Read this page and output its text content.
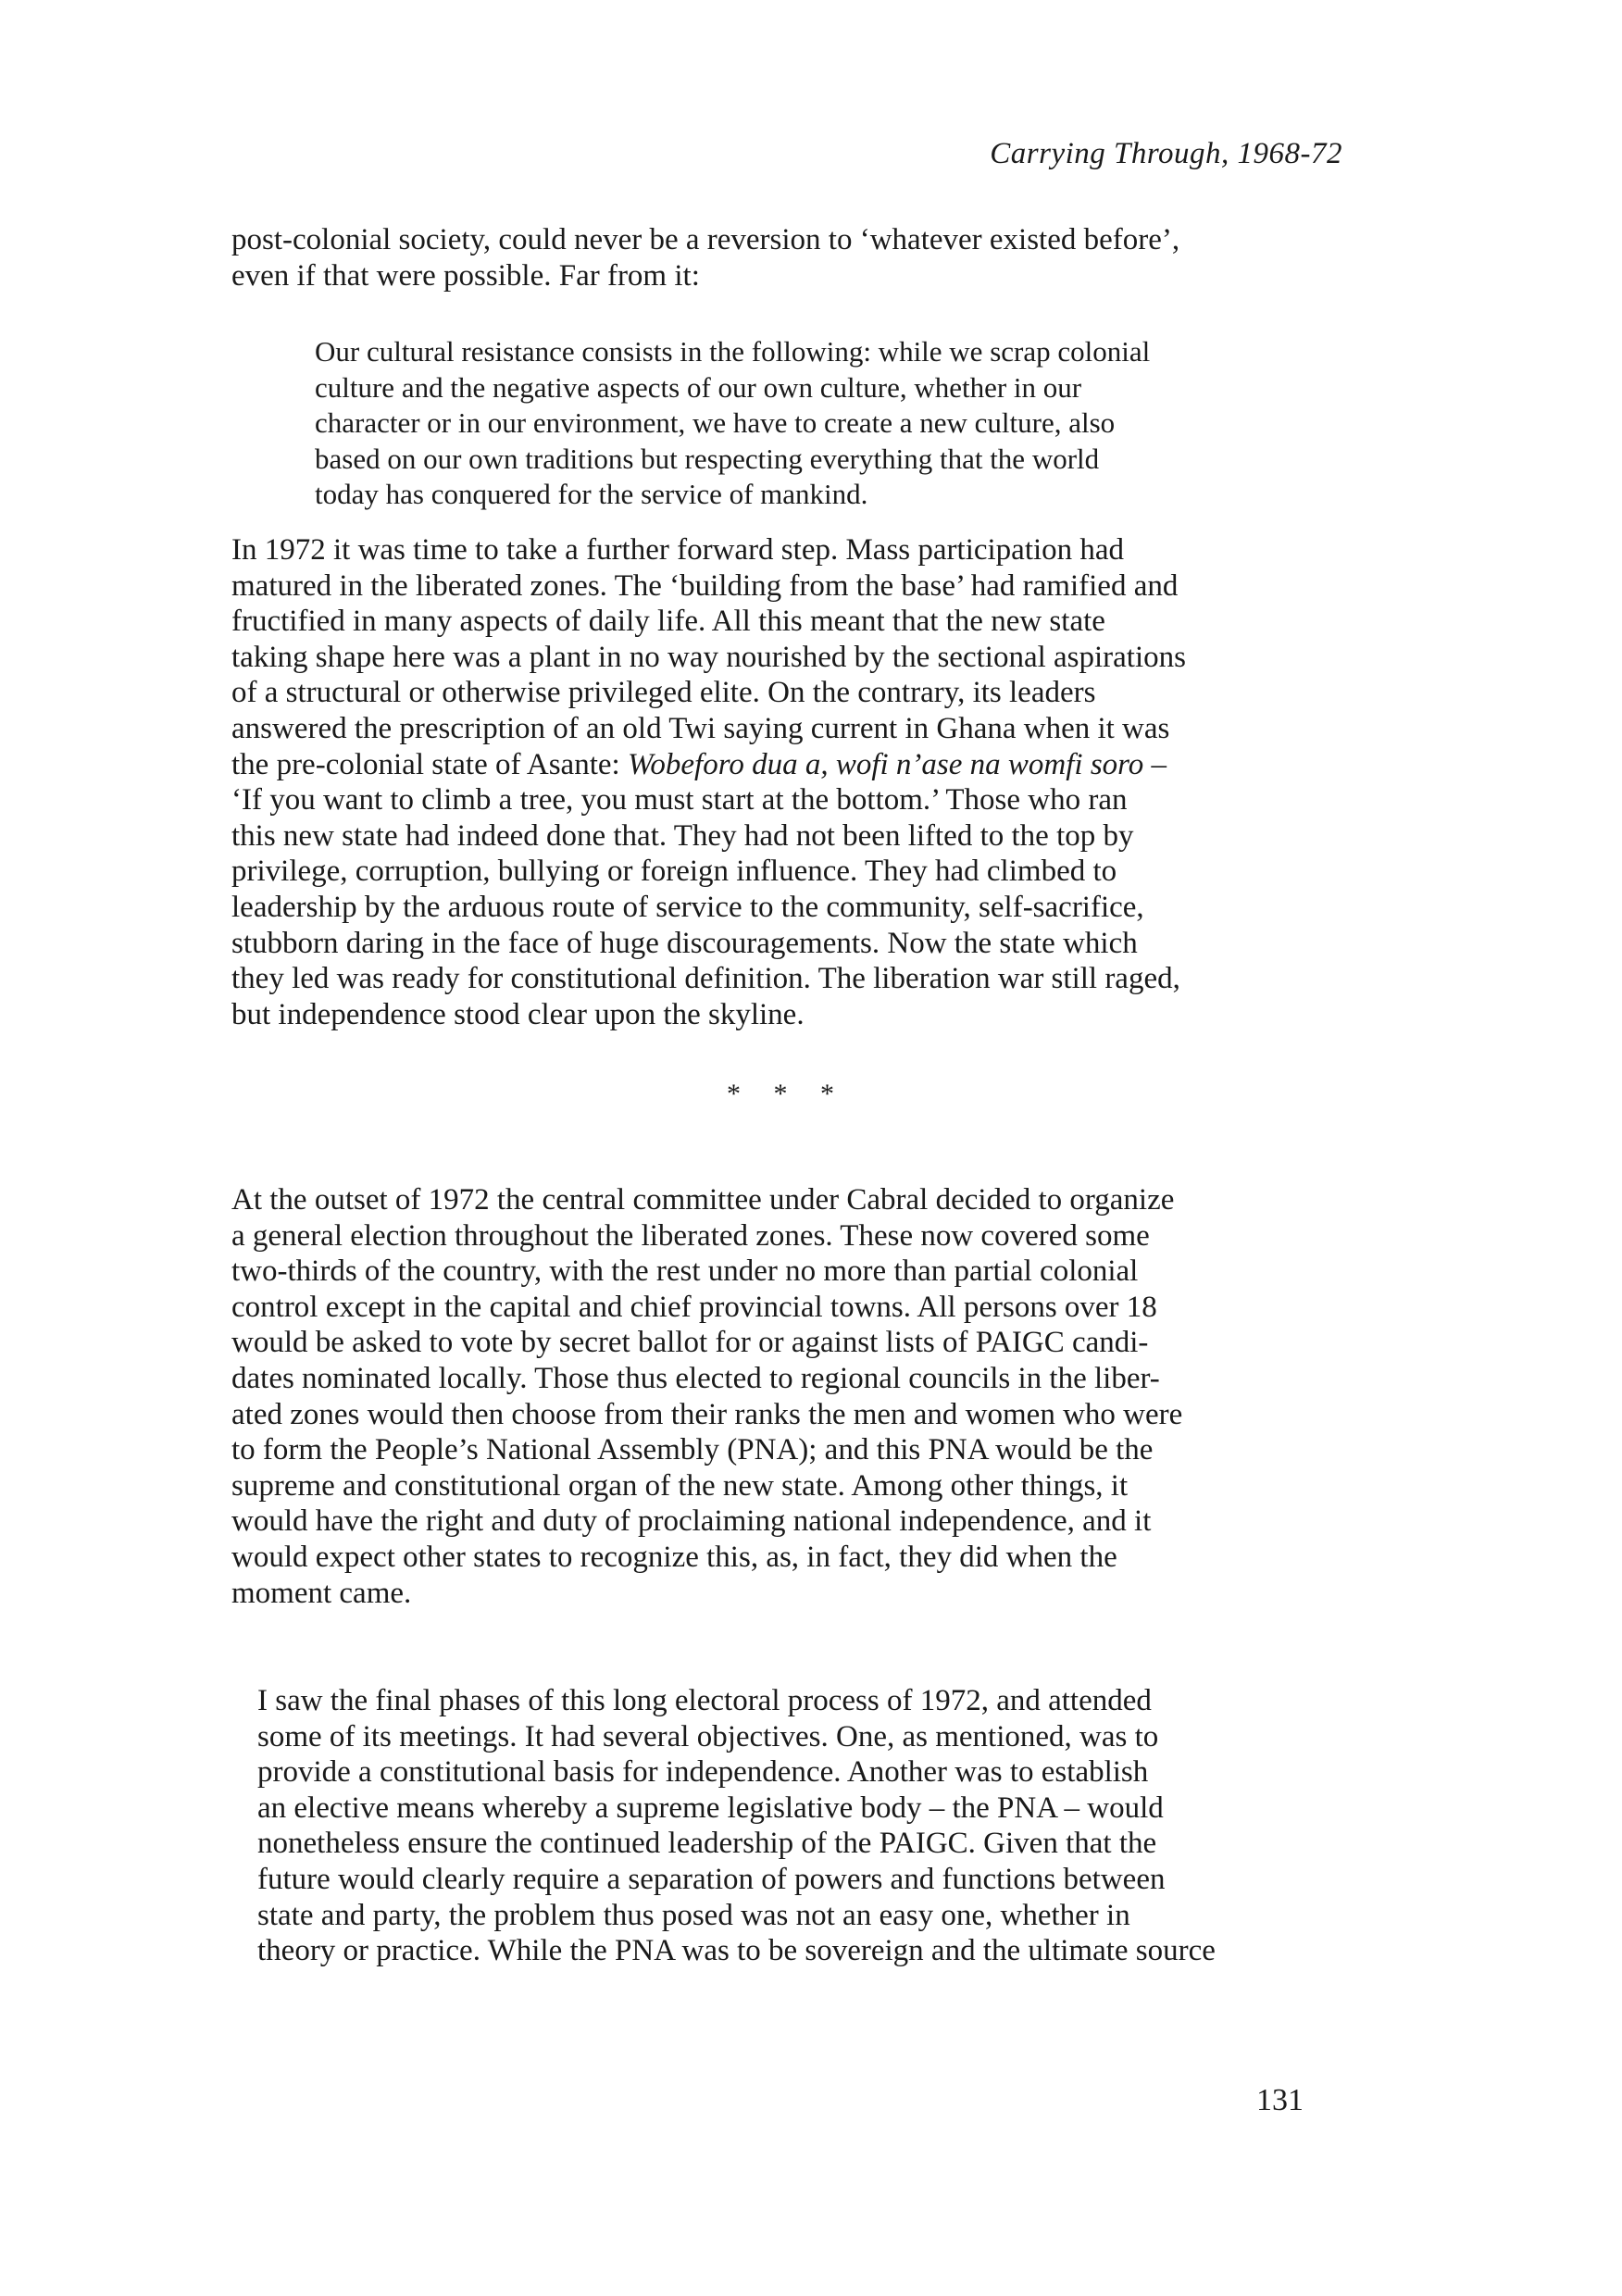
Carrying Through, 1968-72

post-colonial society, could never be a reversion to ‘whatever existed before’,
even if that were possible. Far from it:

Our cultural resistance consists in the following: while we scrap colonial
culture and the negative aspects of our own culture, whether in our
character or in our environment, we have to create a new culture, also
based on our own traditions but respecting everything that the world
today has conquered for the service of mankind.

In 1972 it was time to take a further forward step. Mass participation had
matured in the liberated zones. The ‘building from the base’ had ramified and
fructified in many aspects of daily life. All this meant that the new state
taking shape here was a plant in no way nourished by the sectional aspirations
of a structural or otherwise privileged elite. On the contrary, its leaders
answered the prescription of an old Twi saying current in Ghana when it was
the pre-colonial state of Asante: Wobeforo dua a, wofi n’ase na womfi soro –
‘If you want to climb a tree, you must start at the bottom.’ Those who ran
this new state had indeed done that. They had not been lifted to the top by
privilege, corruption, bullying or foreign influence. They had climbed to
leadership by the arduous route of service to the community, self-sacrifice,
stubborn daring in the face of huge discouragements. Now the state which
they led was ready for constitutional definition. The liberation war still raged,
but independence stood clear upon the skyline.

* * *

At the outset of 1972 the central committee under Cabral decided to organize
a general election throughout the liberated zones. These now covered some
two-thirds of the country, with the rest under no more than partial colonial
control except in the capital and chief provincial towns. All persons over 18
would be asked to vote by secret ballot for or against lists of PAIGC candi-
dates nominated locally. Those thus elected to regional councils in the liber-
ated zones would then choose from their ranks the men and women who were
to form the People’s National Assembly (PNA); and this PNA would be the
supreme and constitutional organ of the new state. Among other things, it
would have the right and duty of proclaiming national independence, and it
would expect other states to recognize this, as, in fact, they did when the
moment came.

I saw the final phases of this long electoral process of 1972, and attended
some of its meetings. It had several objectives. One, as mentioned, was to
provide a constitutional basis for independence. Another was to establish
an elective means whereby a supreme legislative body – the PNA – would
nonetheless ensure the continued leadership of the PAIGC. Given that the
future would clearly require a separation of powers and functions between
state and party, the problem thus posed was not an easy one, whether in
theory or practice. While the PNA was to be sovereign and the ultimate source

131
